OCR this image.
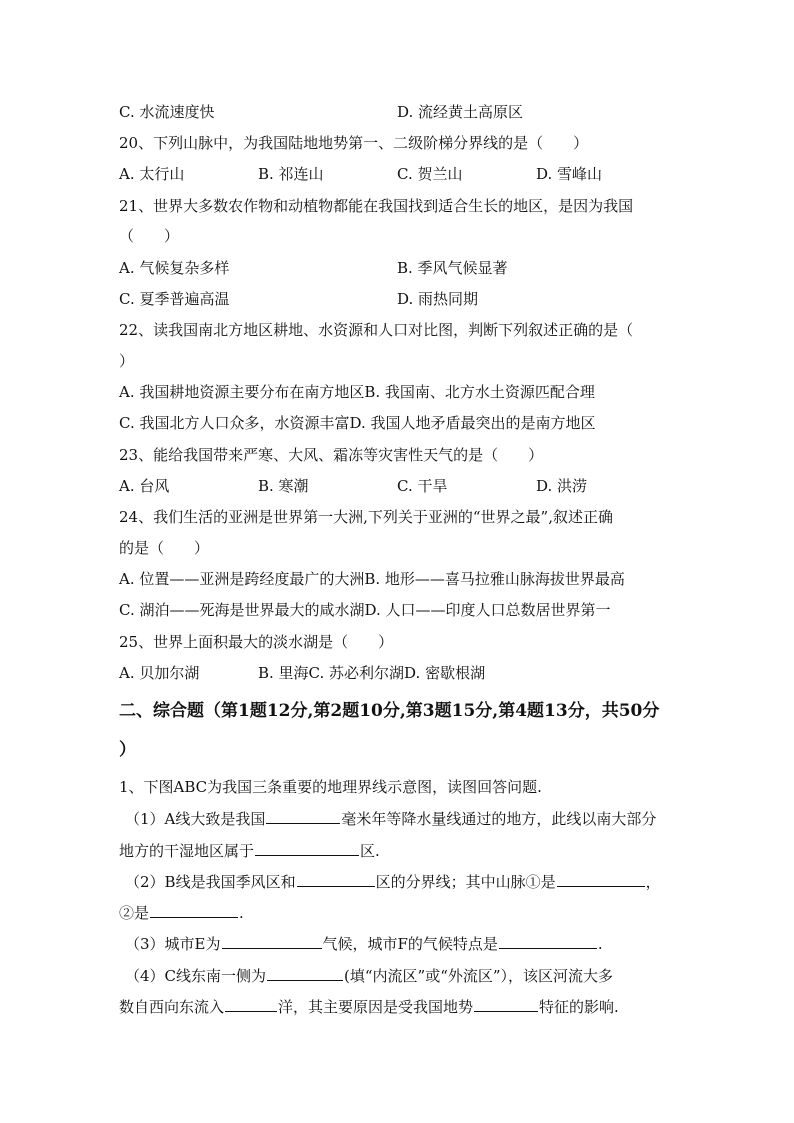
C. 水流速度快	D. 流经黄土高原区
20、下列山脉中，为我国陆地地势第一、二级阶梯分界线的是（　　）
A. 太行山	B. 祁连山	C. 贺兰山	D. 雪峰山
21、世界大多数农作物和动植物都能在我国找到适合生长的地区，是因为我国
（　　）
A. 气候复杂多样	B. 季风气候显著
C. 夏季普遍高温	D. 雨热同期
22、读我国南北方地区耕地、水资源和人口对比图，判断下列叙述正确的是（
）
A. 我国耕地资源主要分布在南方地区B. 我国南、北方水土资源匹配合理
C. 我国北方人口众多，水资源丰富D. 我国人地矛盾最突出的是南方地区
23、能给我国带来严寒、大风、霜冻等灾害性天气的是（　　）
A. 台风	B. 寒潮	C. 干旱	D. 洪涝
24、我们生活的亚洲是世界第一大洲,下列关于亚洲的“世界之最”,叙述正确
的是（　　）
A. 位置——亚洲是跨经度最广的大洲B. 地形——喜马拉雅山脉海拔世界最高
C. 湖泊——死海是世界最大的咸水湖D. 人口——印度人口总数居世界第一
25、世界上面积最大的淡水湖是（　　）
A. 贝加尔湖	B. 里海C. 苏必利尔湖D. 密歇根湖
二、综合题（第1题12分,第2题10分,第3题15分,第4题13分，共50分
）
1、下图ABC为我国三条重要的地理界线示意图，读图回答问题.
（1）A线大致是我国	毫米年等降水量线通过的地方，此线以南大部分
地方的干湿地区属于	区.
（2）B线是我国季风区和	区的分界线；其中山脉①是	，
②是	.
（3）城市E为	气候，城市F的气候特点是	.
（4）C线东南一侧为	(填“内流区”或“外流区”），该区河流大多
数自西向东流入	洋，其主要原因是受我国地势	特征的影响.
